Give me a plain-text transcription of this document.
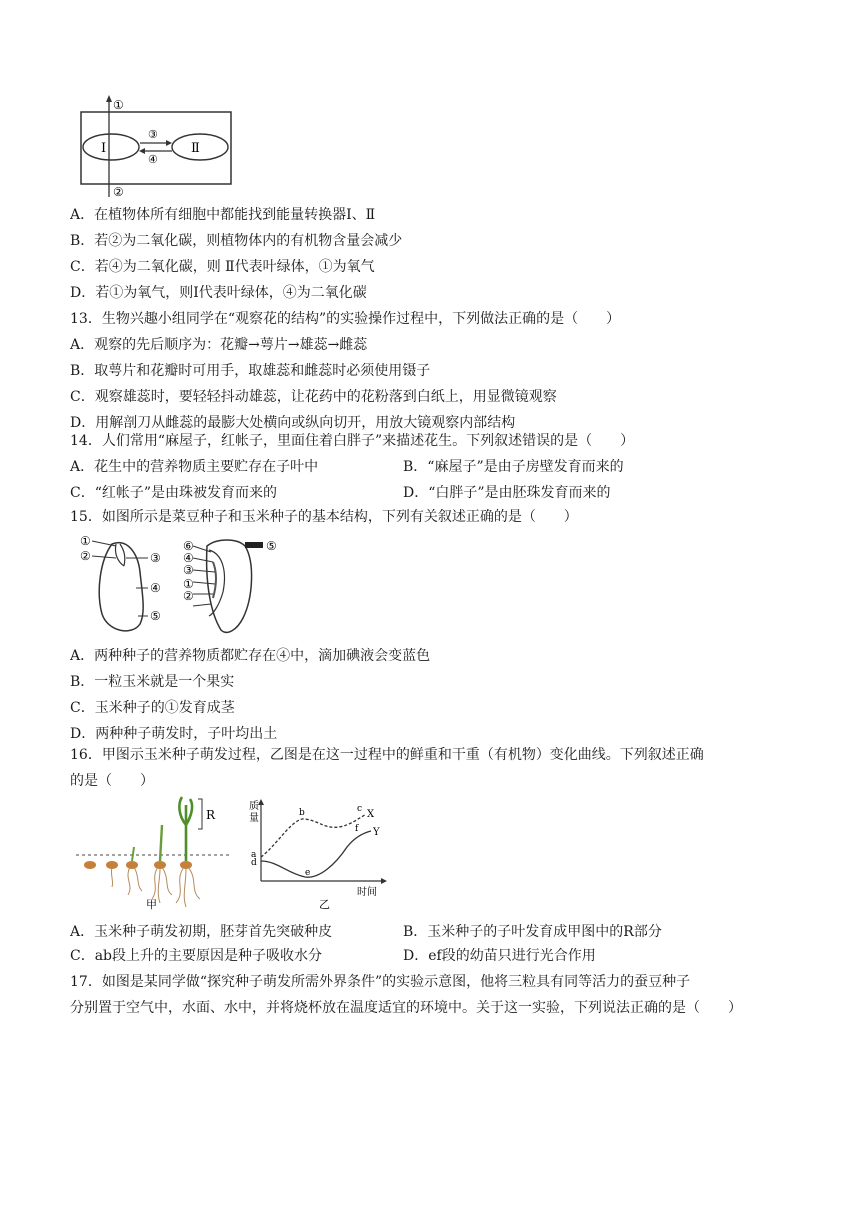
①
②
③
④
Ⅰ	Ⅱ
A．在植物体所有细胞中都能找到能量转换器Ⅰ、Ⅱ
B．若②为二氧化碳，则植物体内的有机物含量会减少
C．若④为二氧化碳，则 Ⅱ代表叶绿体，①为氧气
D．若①为氧气，则Ⅰ代表叶绿体，④为二氧化碳
13．生物兴趣小组同学在“观察花的结构”的实验操作过程中，下列做法正确的是（　　）
A．观察的先后顺序为：花瓣→萼片→雄蕊→雌蕊
B．取萼片和花瓣时可用手，取雄蕊和雌蕊时必须使用镊子
C．观察雄蕊时，要轻轻抖动雄蕊，让花药中的花粉落到白纸上，用显微镜观察
D．用解剖刀从雌蕊的最膨大处横向或纵向切开，用放大镜观察内部结构
14．人们常用“麻屋子，红帐子，里面住着白胖子”来描述花生。下列叙述错误的是（　　）
A．花生中的营养物质主要贮存在子叶中	B．“麻屋子”是由子房壁发育而来的
C．“红帐子”是由珠被发育而来的	D．“白胖子”是由胚珠发育而来的
15．如图所示是菜豆种子和玉米种子的基本结构，下列有关叙述正确的是（　　）
①
②	③
④
⑤
⑥
④
③
⑤
①
②
A．两种种子的营养物质都贮存在④中，滴加碘液会变蓝色
B．一粒玉米就是一个果实
C．玉米种子的①发育成茎
D．两种种子萌发时，子叶均出土
16．甲图示玉米种子萌发过程，乙图是在这一过程中的鲜重和干重（有机物）变化曲线。下列叙述正确
的是（　　）
R
甲
质
量
a
d
b	c X
e
f Y
时间
乙
A．玉米种子萌发初期，胚芽首先突破种皮	B．玉米种子的子叶发育成甲图中的R部分
C．ab段上升的主要原因是种子吸收水分	D．ef段的幼苗只进行光合作用
17．如图是某同学做“探究种子萌发所需外界条件”的实验示意图，他将三粒具有同等活力的蚕豆种子
分别置于空气中，水面、水中，并将烧杯放在温度适宜的环境中。关于这一实验，下列说法正确的是（　　）
